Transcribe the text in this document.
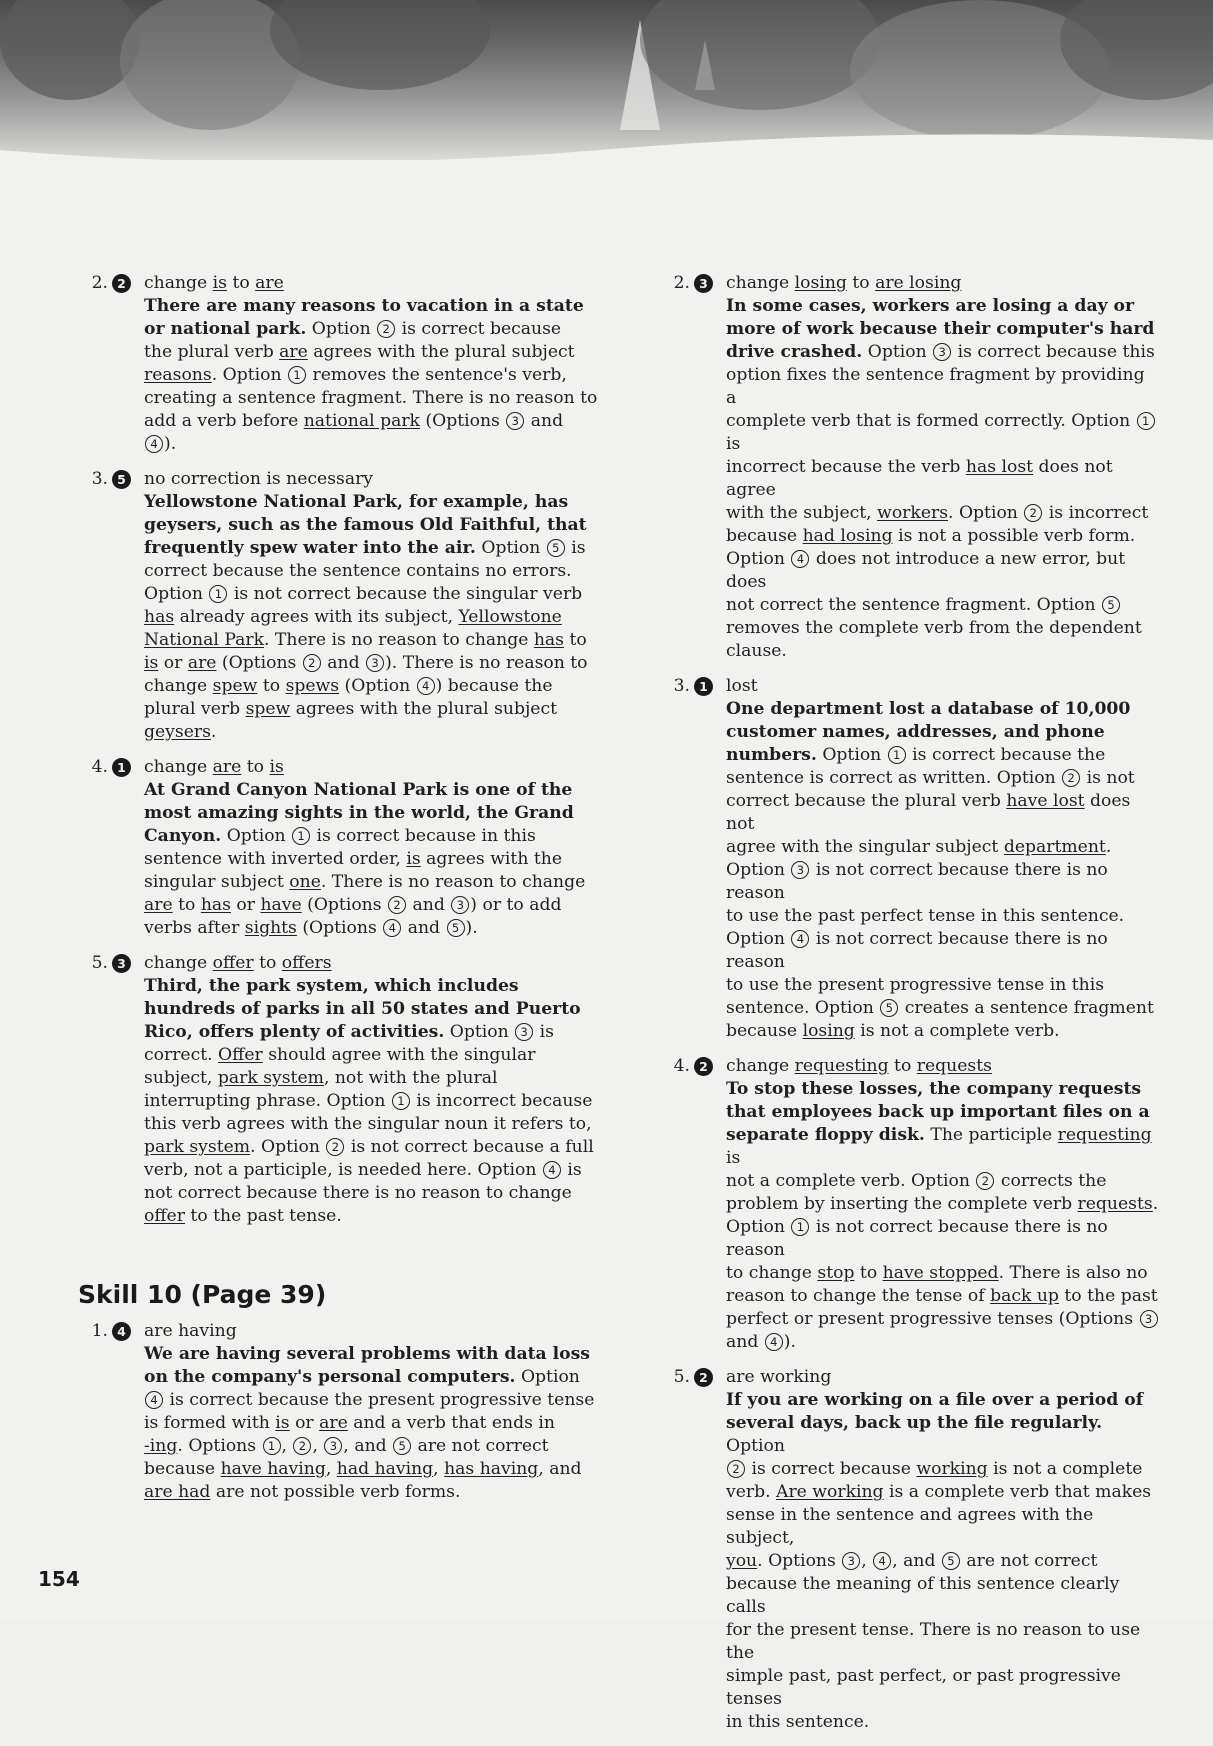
2. 2 change is to are
There are many reasons to vacation in a state
or national park. Option 2 is correct because
the plural verb are agrees with the plural subject
reasons. Option 1 removes the sentence's verb,
creating a sentence fragment. There is no reason to
add a verb before national park (Options 3 and
4 ).
3. 5 no correction is necessary
Yellowstone National Park, for example, has
geysers, such as the famous Old Faithful, that
frequently spew water into the air. Option 5 is
correct because the sentence contains no errors.
Option 1 is not correct because the singular verb
has already agrees with its subject, Yellowstone
National Park. There is no reason to change has to
is or are (Options 2 and 3 ). There is no reason to
change spew to spews (Option 4 ) because the
plural verb spew agrees with the plural subject
geysers.
4. 1 change are to is
At Grand Canyon National Park is one of the
most amazing sights in the world, the Grand
Canyon. Option 1 is correct because in this
sentence with inverted order, is agrees with the
singular subject one. There is no reason to change
are to has or have (Options 2 and 3 ) or to add
verbs after sights (Options 4 and 5 ).
5. 3 change offer to offers
Third, the park system, which includes
hundreds of parks in all 50 states and Puerto
Rico, offers plenty of activities. Option 3 is
correct. Offer should agree with the singular
subject, park system, not with the plural
interrupting phrase. Option 1 is incorrect because
this verb agrees with the singular noun it refers to,
park system. Option 2 is not correct because a full
verb, not a participle, is needed here. Option 4 is
not correct because there is no reason to change
offer to the past tense.
Skill 10 (Page 39)
1. 4 are having
We are having several problems with data loss
on the company's personal computers. Option
4 is correct because the present progressive tense
is formed with is or are and a verb that ends in
-ing. Options 1 , 2 , 3 , and 5 are not correct
because have having, had having, has having, and
are had are not possible verb forms.
2. 3 change losing to are losing
In some cases, workers are losing a day or
more of work because their computer's hard
drive crashed. Option 3 is correct because this
option fixes the sentence fragment by providing a
complete verb that is formed correctly. Option 1 is
incorrect because the verb has lost does not agree
with the subject, workers. Option 2 is incorrect
because had losing is not a possible verb form.
Option 4 does not introduce a new error, but does
not correct the sentence fragment. Option 5
removes the complete verb from the dependent
clause.
3. 1 lost
One department lost a database of 10,000
customer names, addresses, and phone
numbers. Option 1 is correct because the
sentence is correct as written. Option 2 is not
correct because the plural verb have lost does not
agree with the singular subject department.
Option 3 is not correct because there is no reason
to use the past perfect tense in this sentence.
Option 4 is not correct because there is no reason
to use the present progressive tense in this
sentence. Option 5 creates a sentence fragment
because losing is not a complete verb.
4. 2 change requesting to requests
To stop these losses, the company requests
that employees back up important files on a
separate floppy disk. The participle requesting is
not a complete verb. Option 2 corrects the
problem by inserting the complete verb requests.
Option 1 is not correct because there is no reason
to change stop to have stopped. There is also no
reason to change the tense of back up to the past
perfect or present progressive tenses (Options 3
and 4 ).
5. 2 are working
If you are working on a file over a period of
several days, back up the file regularly. Option
2 is correct because working is not a complete
verb. Are working is a complete verb that makes
sense in the sentence and agrees with the subject,
you. Options 3 , 4 , and 5 are not correct
because the meaning of this sentence clearly calls
for the present tense. There is no reason to use the
simple past, past perfect, or past progressive tenses
in this sentence.
154
